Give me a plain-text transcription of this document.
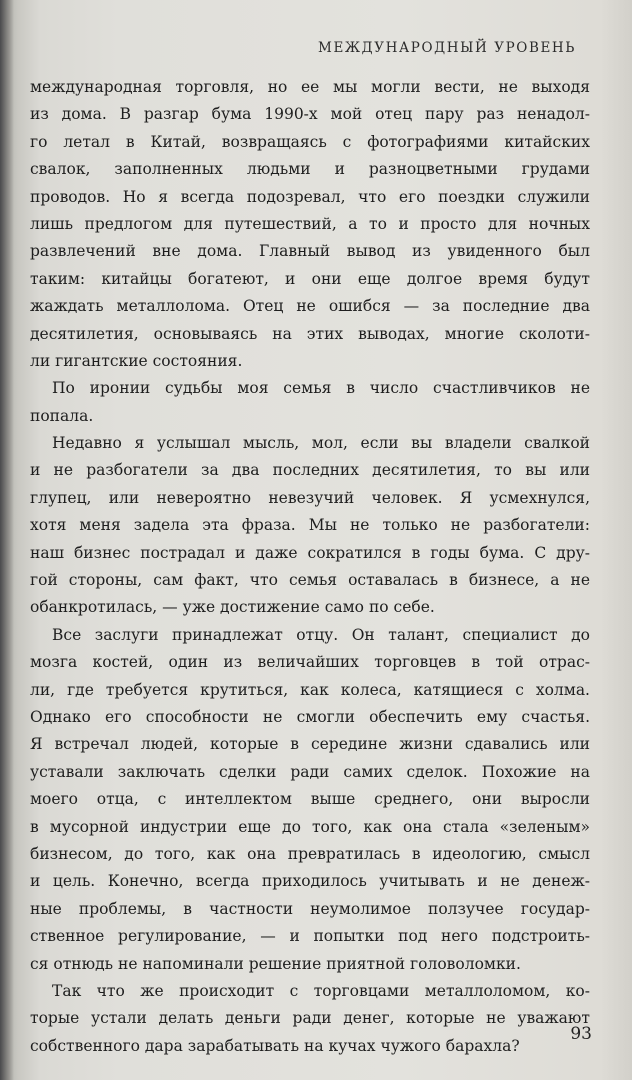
МЕЖДУНАРОДНЫЙ УРОВЕНЬ
международная торговля, но ее мы могли вести, не выходя
из дома. В разгар бума 1990-х мой отец пару раз ненадол-
го летал в Китай, возвращаясь с фотографиями китайских
свалок, заполненных людьми и разноцветными грудами
проводов. Но я всегда подозревал, что его поездки служили
лишь предлогом для путешествий, а то и просто для ночных
развлечений вне дома. Главный вывод из увиденного был
таким: китайцы богатеют, и они еще долгое время будут
жаждать металлолома. Отец не ошибся — за последние два
десятилетия, основываясь на этих выводах, многие сколоти-
ли гигантские состояния.
По иронии судьбы моя семья в число счастливчиков не
попала.
Недавно я услышал мысль, мол, если вы владели свалкой
и не разбогатели за два последних десятилетия, то вы или
глупец, или невероятно невезучий человек. Я усмехнулся,
хотя меня задела эта фраза. Мы не только не разбогатели:
наш бизнес пострадал и даже сократился в годы бума. С дру-
гой стороны, сам факт, что семья оставалась в бизнесе, а не
обанкротилась, — уже достижение само по себе.
Все заслуги принадлежат отцу. Он талант, специалист до
мозга костей, один из величайших торговцев в той отрас-
ли, где требуется крутиться, как колеса, катящиеся с холма.
Однако его способности не смогли обеспечить ему счастья.
Я встречал людей, которые в середине жизни сдавались или
уставали заключать сделки ради самих сделок. Похожие на
моего отца, с интеллектом выше среднего, они выросли
в мусорной индустрии еще до того, как она стала «зеленым»
бизнесом, до того, как она превратилась в идеологию, смысл
и цель. Конечно, всегда приходилось учитывать и не денеж-
ные проблемы, в частности неумолимое ползучее государ-
ственное регулирование, — и попытки под него подстроить-
ся отнюдь не напоминали решение приятной головоломки.
Так что же происходит с торговцами металлоломом, ко-
торые устали делать деньги ради денег, которые не уважают
собственного дара зарабатывать на кучах чужого барахла?
93
